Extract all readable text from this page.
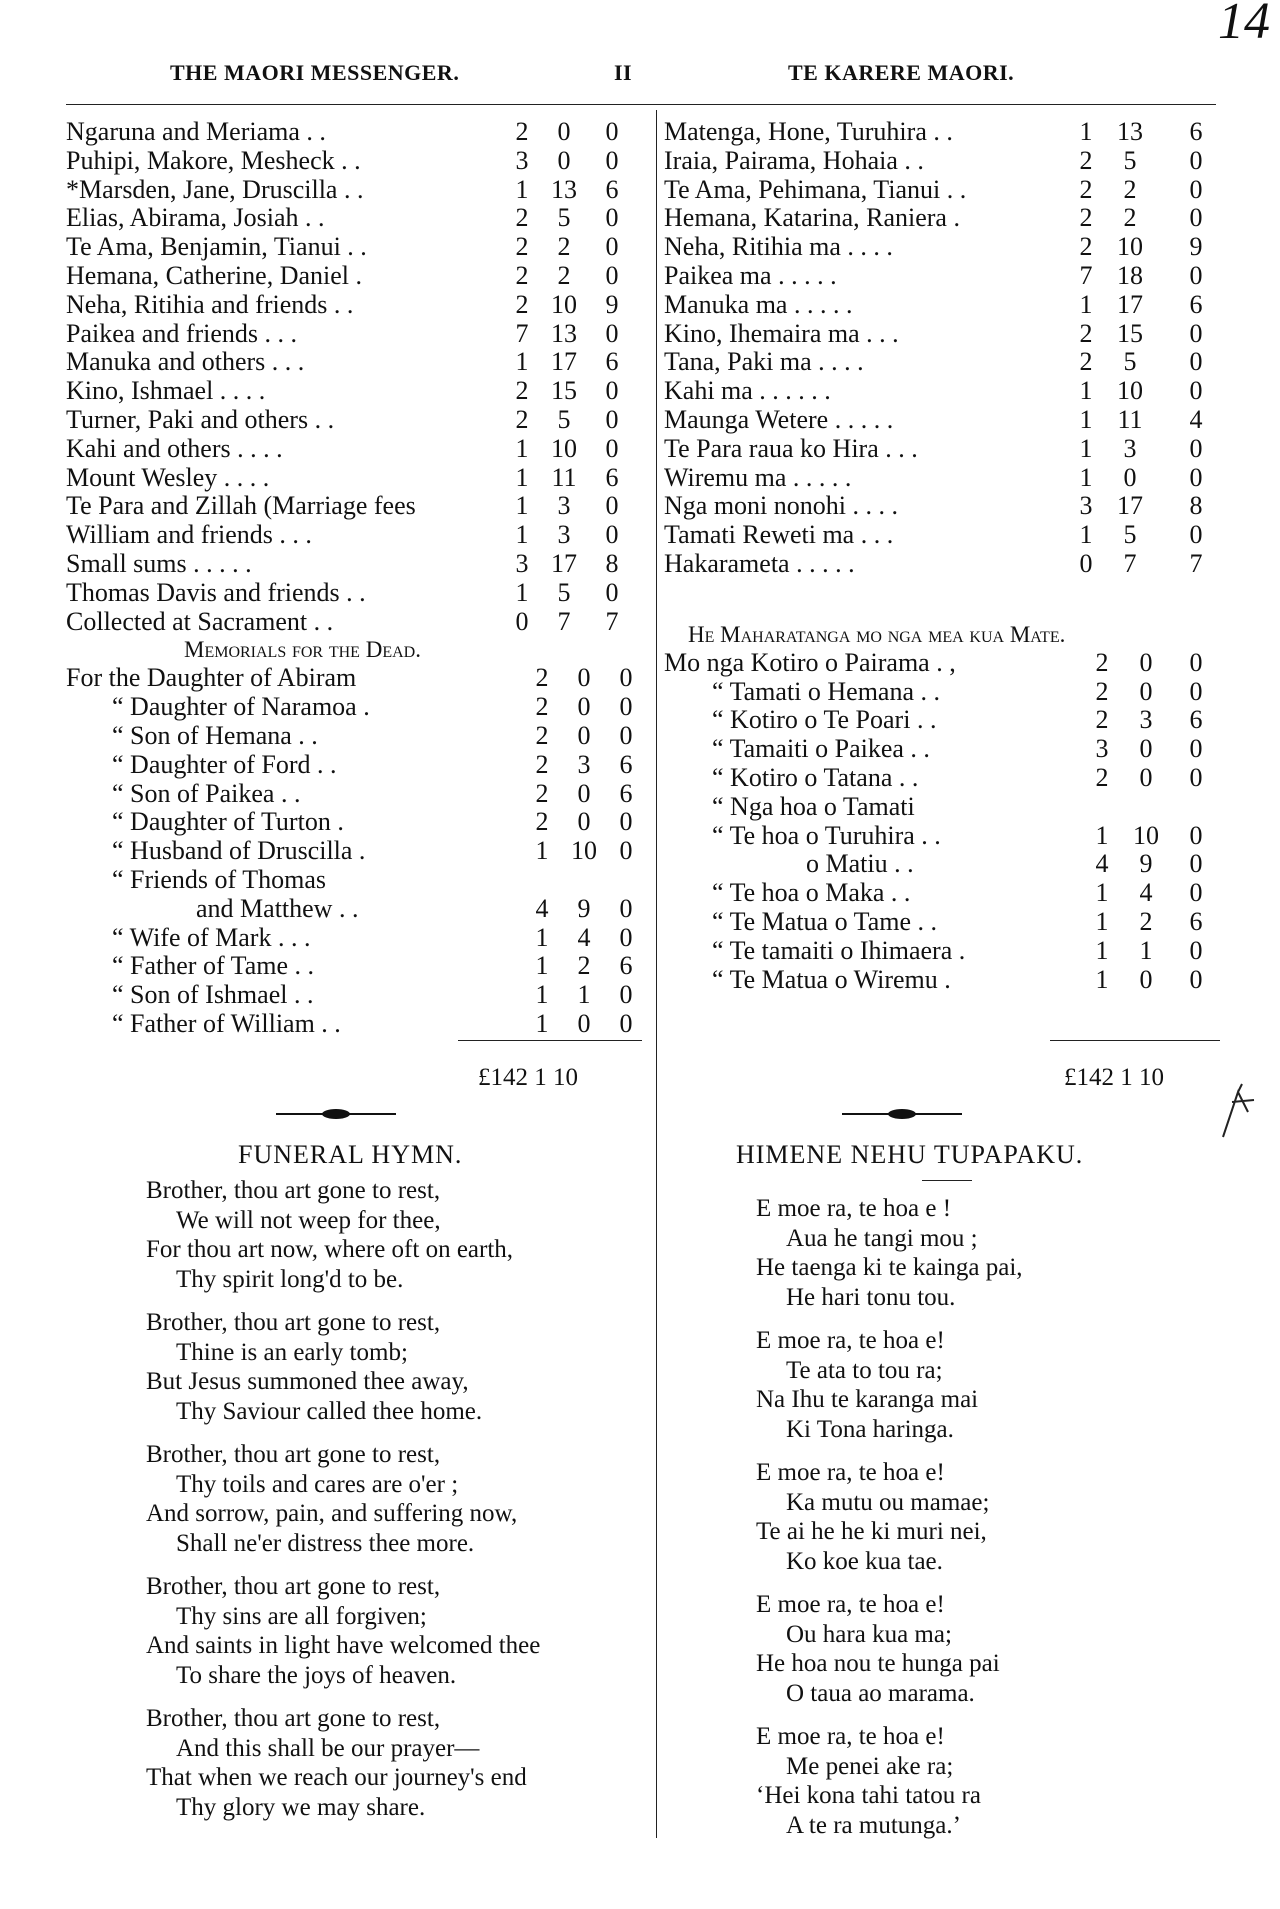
14
THE MAORI MESSENGER.	II	TE KARERE MAORI.
Ngaruna and Meriama . .	2	0	0
Puhipi, Makore, Mesheck . .	3	0	0
*Marsden, Jane, Druscilla . .	1 13	6
Elias, Abirama, Josiah . .	2	5	0
Te Ama, Benjamin, Tianui . .	2	2	0
Hemana, Catherine, Daniel .	2	2	0
Neha, Ritihia and friends . .	2 10	9
Paikea and friends . . .	7 13	0
Manuka and others . . .	1 17	6
Kino, Ishmael . . . .	2 15	0
Turner, Paki and others . .	2	5	0
Kahi and others . . . .	1 10	0
Mount Wesley . . . .	1 11	6
Te Para and Zillah (Marriage fees	1	3	0
William and friends . . .	1	3	0
Small sums . . . . .	3 17	8
Thomas Davis and friends . .	1	5	0
Collected at Sacrament . .	0	7	7
Memorials for the Dead.
For the Daughter of Abiram	2	0	0
“ Daughter of Naramoa .	2	0	0
“ Son of Hemana . .	2	0	0
“ Daughter of Ford . .	2	3	6
“ Son of Paikea . .	2	0	6
“ Daughter of Turton .	2	0	0
“ Husband of Druscilla .	1 10 0
“ Friends of Thomas
and Matthew . .	4	9	0
“ Wife of Mark . . .	1	4	0
“ Father of Tame . .	1	2	6
“ Son of Ishmael . .	1	1	0
“ Father of William . .	1	0	0
Matenga, Hone, Turuhira . .	1 13	6
Iraia, Pairama, Hohaia . .	2	5	0
Te Ama, Pehimana, Tianui . .	2	2	0
Hemana, Katarina, Raniera .	2	2	0
Neha, Ritihia ma . . . .	2 10	9
Paikea ma . . . . .	7 18	0
Manuka ma . . . . .	1 17	6
Kino, Ihemaira ma . . .	2 15	0
Tana, Paki ma . . . .	2	5	0
Kahi ma . . . . . .	1 10	0
Maunga Wetere . . . . .	1 11	4
Te Para raua ko Hira . . .	1	3	0
Wiremu ma . . . . .	1	0	0
Nga moni nonohi . . . .	3 17	8
Tamati Reweti ma . . .	1	5	0
Hakarameta . . . . .	0	7	7
He Maharatanga mo nga mea kua Mate.
Mo nga Kotiro o Pairama . ,	2	0	0
“ Tamati o Hemana . .	2	0	0
“ Kotiro o Te Poari . .	2	3	6
“ Tamaiti o Paikea . .	3	0	0
“ Kotiro o Tatana . .	2	0	0
“ Nga hoa o Tamati
“ Te hoa o Turuhira . .	1 10	0
o Matiu . .	4	9	0
“ Te hoa o Maka . .	1	4	0
“ Te Matua o Tame . .	1	2	6
“ Te tamaiti o Ihimaera .	1	1	0
“ Te Matua o Wiremu .	1	0	0
£142 1 10	£142 1 10
FUNERAL HYMN.	HIMENE NEHU TUPAPAKU.
Brother, thou art gone to rest,
We will not weep for thee,
For thou art now, where oft on earth,
Thy spirit long'd to be.
Brother, thou art gone to rest,
Thine is an early tomb;
But Jesus summoned thee away,
Thy Saviour called thee home.
Brother, thou art gone to rest,
Thy toils and cares are o'er ;
And sorrow, pain, and suffering now,
Shall ne'er distress thee more.
Brother, thou art gone to rest,
Thy sins are all forgiven;
And saints in light have welcomed thee
To share the joys of heaven.
Brother, thou art gone to rest,
And this shall be our prayer—
That when we reach our journey's end
Thy glory we may share.
E moe ra, te hoa e !
Aua he tangi mou ;
He taenga ki te kainga pai,
He hari tonu tou.
E moe ra, te hoa e!
Te ata to tou ra;
Na Ihu te karanga mai
Ki Tona haringa.
E moe ra, te hoa e!
Ka mutu ou mamae;
Te ai he he ki muri nei,
Ko koe kua tae.
E moe ra, te hoa e!
Ou hara kua ma;
He hoa nou te hunga pai
O taua ao marama.
E moe ra, te hoa e!
Me penei ake ra;
‘Hei kona tahi tatou ra
A te ra mutunga.’
